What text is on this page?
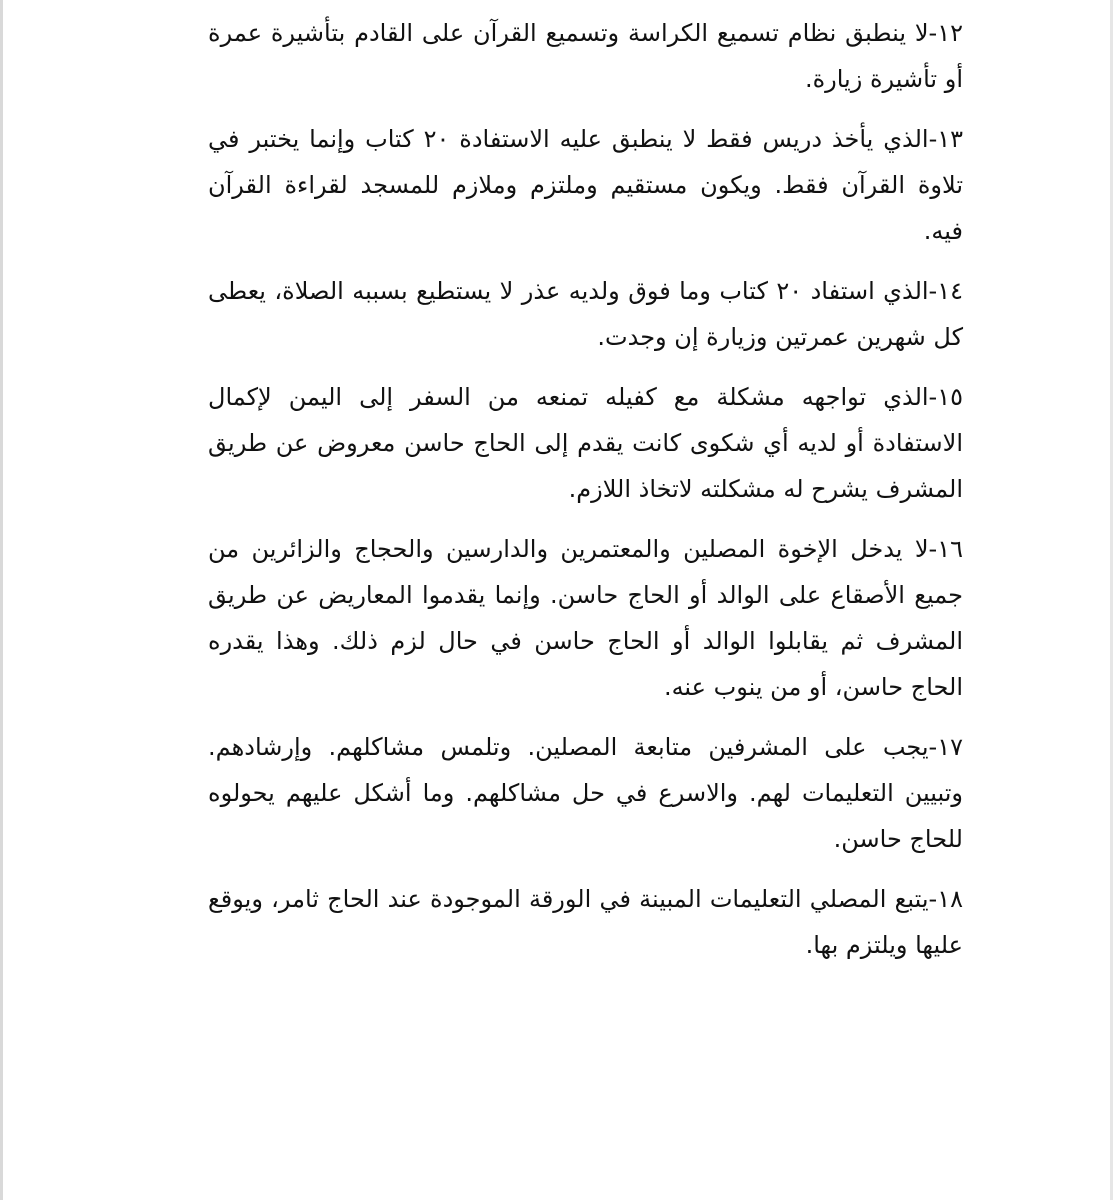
١٢-لا ينطبق نظام تسميع الكراسة وتسميع القرآن على القادم بتأشيرة عمرة أو تأشيرة زيارة.

١٣-الذي يأخذ دريس فقط لا ينطبق عليه الاستفادة ٢٠ كتاب وإنما يختبر في تلاوة القرآن فقط. ويكون مستقيم وملتزم وملازم للمسجد لقراءة القرآن فيه.

١٤-الذي استفاد ٢٠ كتاب وما فوق ولديه عذر لا يستطيع بسببه الصلاة، يعطى كل شهرين عمرتين وزيارة إن وجدت.

١٥-الذي تواجهه مشكلة مع كفيله تمنعه من السفر إلى اليمن لإكمال الاستفادة أو لديه أي شكوى كانت يقدم إلى الحاج حاسن معروض عن طريق المشرف يشرح له مشكلته لاتخاذ اللازم.

١٦-لا يدخل الإخوة المصلين والمعتمرين والدارسين والحجاج والزائرين من جميع الأصقاع على الوالد أو الحاج حاسن. وإنما يقدموا المعاريض عن طريق المشرف ثم يقابلوا الوالد أو الحاج حاسن في حال لزم ذلك. وهذا يقدره الحاج حاسن، أو من ينوب عنه.

١٧-يجب على المشرفين متابعة المصلين. وتلمس مشاكلهم. وإرشادهم. وتبيين التعليمات لهم. والاسرع في حل مشاكلهم. وما أشكل عليهم يحولوه للحاج حاسن.

١٨-يتبع المصلي التعليمات المبينة في الورقة الموجودة عند الحاج ثامر، ويوقع عليها ويلتزم بها.
